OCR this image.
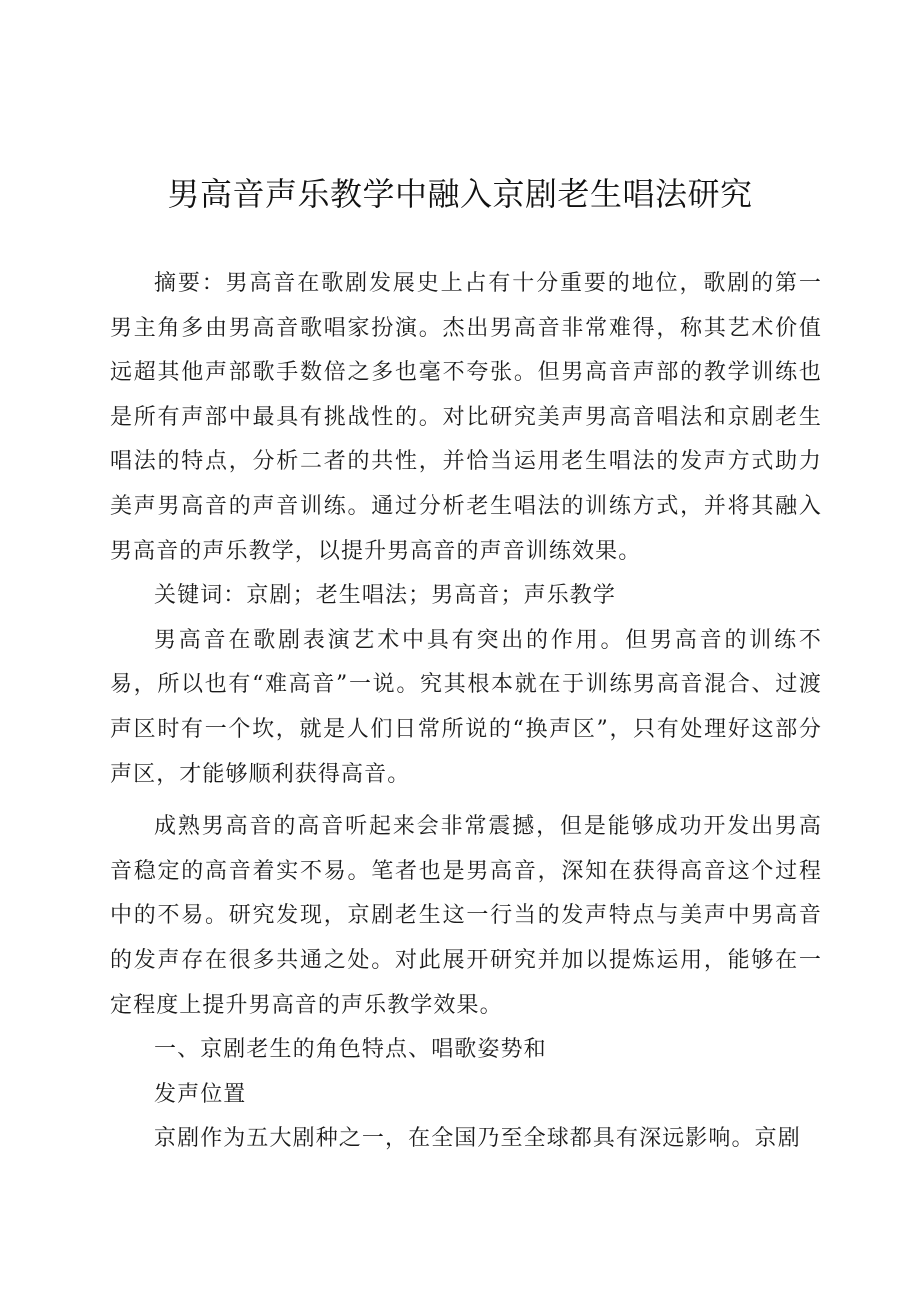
男高音声乐教学中融入京剧老生唱法研究

摘要：男高音在歌剧发展史上占有十分重要的地位，歌剧的第一男主角多由男高音歌唱家扮演。杰出男高音非常难得，称其艺术价值远超其他声部歌手数倍之多也毫不夸张。但男高音声部的教学训练也是所有声部中最具有挑战性的。对比研究美声男高音唱法和京剧老生唱法的特点，分析二者的共性，并恰当运用老生唱法的发声方式助力美声男高音的声音训练。通过分析老生唱法的训练方式，并将其融入男高音的声乐教学，以提升男高音的声音训练效果。

关键词：京剧；老生唱法；男高音；声乐教学

男高音在歌剧表演艺术中具有突出的作用。但男高音的训练不易，所以也有“难高音”一说。究其根本就在于训练男高音混合、过渡声区时有一个坎，就是人们日常所说的“换声区”，只有处理好这部分声区，才能够顺利获得高音。

成熟男高音的高音听起来会非常震撼，但是能够成功开发出男高音稳定的高音着实不易。笔者也是男高音，深知在获得高音这个过程中的不易。研究发现，京剧老生这一行当的发声特点与美声中男高音的发声存在很多共通之处。对此展开研究并加以提炼运用，能够在一定程度上提升男高音的声乐教学效果。

一、京剧老生的角色特点、唱歌姿势和

发声位置

京剧作为五大剧种之一，在全国乃至全球都具有深远影响。京剧
